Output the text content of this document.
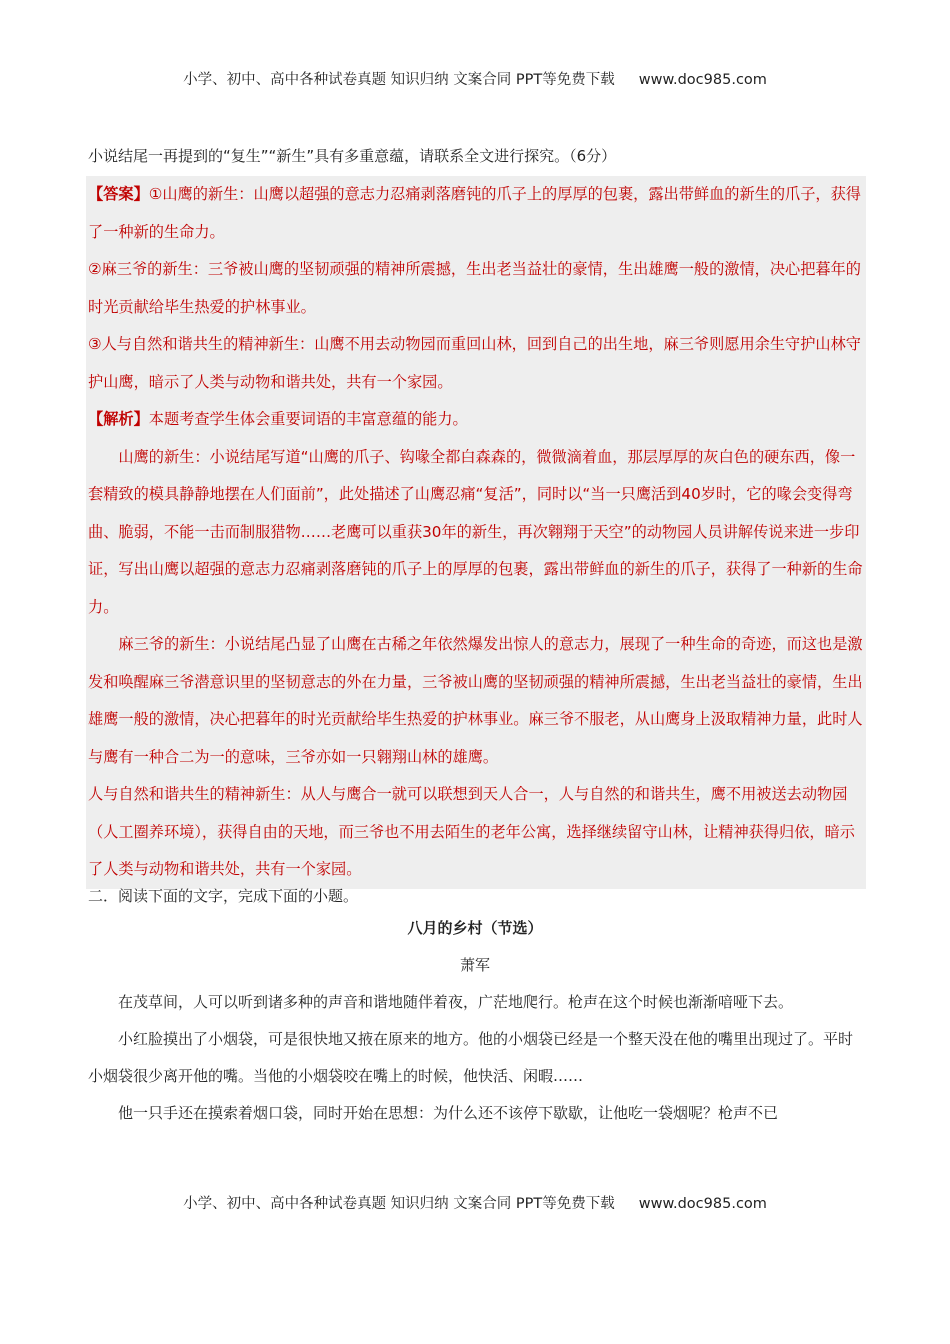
小学、初中、高中各种试卷真题 知识归纳 文案合同 PPT等免费下载 www.doc985.com
小说结尾一再提到的“复生”“新生”具有多重意蕴，请联系全文进行探究。（6分）

【答案】①山鹰的新生：山鹰以超强的意志力忍痛剥落磨钝的爪子上的厚厚的包裹，露出带鲜血的新生的爪子，获得了一种新的生命力。

②麻三爷的新生：三爷被山鹰的坚韧顽强的精神所震撼，生出老当益壮的豪情，生出雄鹰一般的激情，决心把暮年的时光贡献给毕生热爱的护林事业。

③人与自然和谐共生的精神新生：山鹰不用去动物园而重回山林，回到自己的出生地，麻三爷则愿用余生守护山林守护山鹰，暗示了人类与动物和谐共处，共有一个家园。

【解析】本题考查学生体会重要词语的丰富意蕴的能力。

山鹰的新生：小说结尾写道“山鹰的爪子、钩喙全都白森森的，微微滴着血，那层厚厚的灰白色的硬东西，像一套精致的模具静静地摆在人们面前”，此处描述了山鹰忍痛“复活”，同时以“当一只鹰活到40岁时，它的喙会变得弯曲、脆弱，不能一击而制服猎物……老鹰可以重获30年的新生，再次翱翔于天空”的动物园人员讲解传说来进一步印证，写出山鹰以超强的意志力忍痛剥落磨钝的爪子上的厚厚的包裹，露出带鲜血的新生的爪子，获得了一种新的生命力。

麻三爷的新生：小说结尾凸显了山鹰在古稀之年依然爆发出惊人的意志力，展现了一种生命的奇迹，而这也是激发和唤醒麻三爷潜意识里的坚韧意志的外在力量，三爷被山鹰的坚韧顽强的精神所震撼，生出老当益壮的豪情，生出雄鹰一般的激情，决心把暮年的时光贡献给毕生热爱的护林事业。麻三爷不服老，从山鹰身上汲取精神力量，此时人与鹰有一种合二为一的意味，三爷亦如一只翱翔山林的雄鹰。

人与自然和谐共生的精神新生：从人与鹰合一就可以联想到天人合一，人与自然的和谐共生，鹰不用被送去动物园（人工圈养环境），获得自由的天地，而三爷也不用去陌生的老年公寓，选择继续留守山林，让精神获得归依，暗示了人类与动物和谐共处，共有一个家园。

二．阅读下面的文字，完成下面的小题。
八月的乡村（节选）
萧军

在茂草间，人可以听到诸多种的声音和谐地随伴着夜，广茫地爬行。枪声在这个时候也渐渐喑哑下去。

小红脸摸出了小烟袋，可是很快地又掖在原来的地方。他的小烟袋已经是一个整天没在他的嘴里出现过了。平时小烟袋很少离开他的嘴。当他的小烟袋咬在嘴上的时候，他快活、闲暇……

他一只手还在摸索着烟口袋，同时开始在思想：为什么还不该停下歇歇，让他吃一袋烟呢？枪声不已

小学、初中、高中各种试卷真题 知识归纳 文案合同 PPT等免费下载 www.doc985.com
